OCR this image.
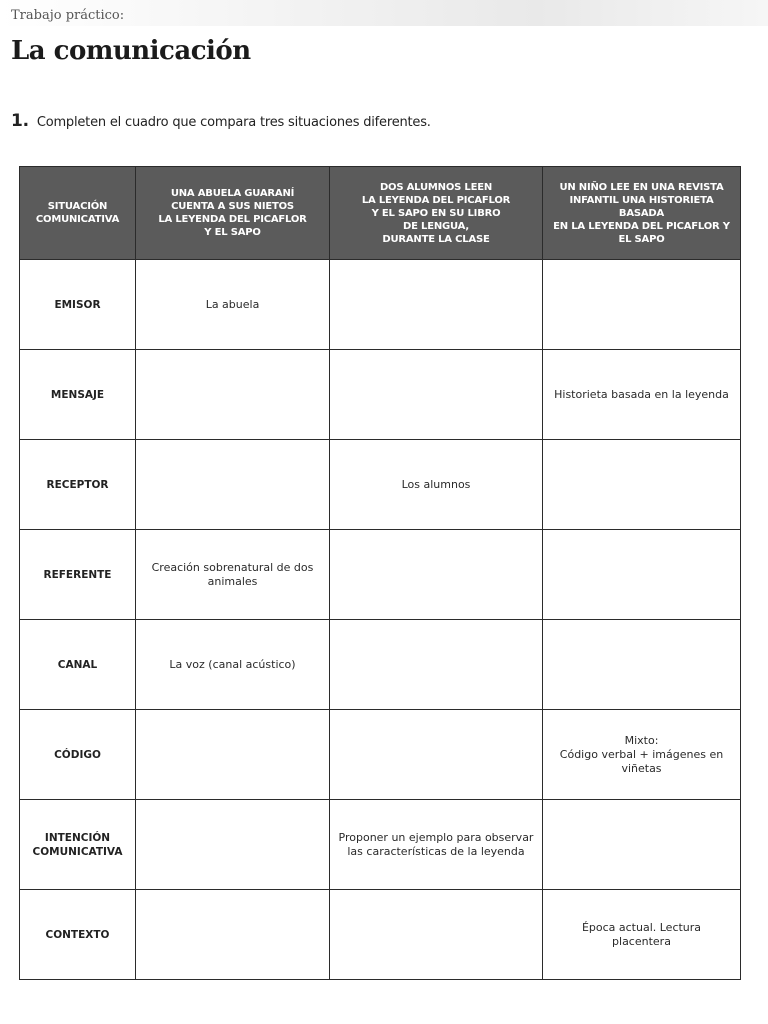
Trabajo práctico:
La comunicación
1. Completen el cuadro que compara tres situaciones diferentes.
SITUACIÓN
COMUNICATIVA	UNA ABUELA GUARANÍ
CUENTA A SUS NIETOS
LA LEYENDA DEL PICAFLOR
Y EL SAPO	DOS ALUMNOS LEEN
LA LEYENDA DEL PICAFLOR
Y EL SAPO EN SU LIBRO
DE LENGUA,
DURANTE LA CLASE	UN NIÑO LEE EN UNA REVISTA
INFANTIL UNA HISTORIETA BASADA
EN LA LEYENDA DEL PICAFLOR Y
EL SAPO
EMISOR	La abuela		
MENSAJE			Historieta basada en la leyenda
RECEPTOR		Los alumnos	
REFERENTE	Creación sobrenatural de dos
animales		
CANAL	La voz (canal acústico)		
CÓDIGO			Mixto:
Código verbal + imágenes en
viñetas
INTENCIÓN
COMUNICATIVA		Proponer un ejemplo para observar
las características de la leyenda	
CONTEXTO			Época actual. Lectura placentera
